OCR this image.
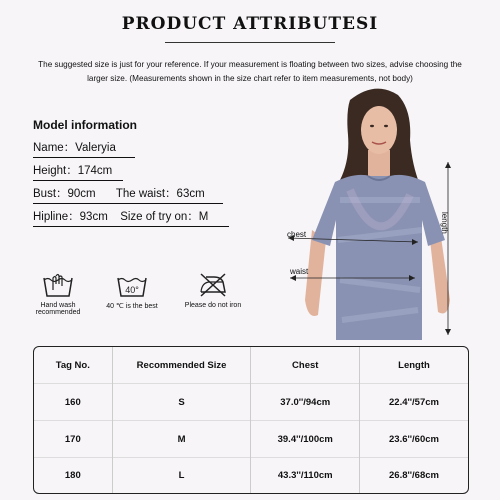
PRODUCT ATTRIBUTESI
The suggested size is just for your reference. If your measurement is floating between two sizes, advise choosing the larger size. (Measurements shown in the size chart refer to item measurements, not body)
Model information
Name：Valeryia
Height：174cm
Bust：90cm The waist：63cm
Hipline：93cm Size of try on：M
Hand wash recommended
40°
40 ℃ is the best	Please do not iron
chest
waist
length
Tag No.	Recommended Size	Chest	Length
160	S	37.0''/94cm	22.4''/57cm
170	M	39.4''/100cm	23.6''/60cm
180	L	43.3''/110cm	26.8''/68cm
